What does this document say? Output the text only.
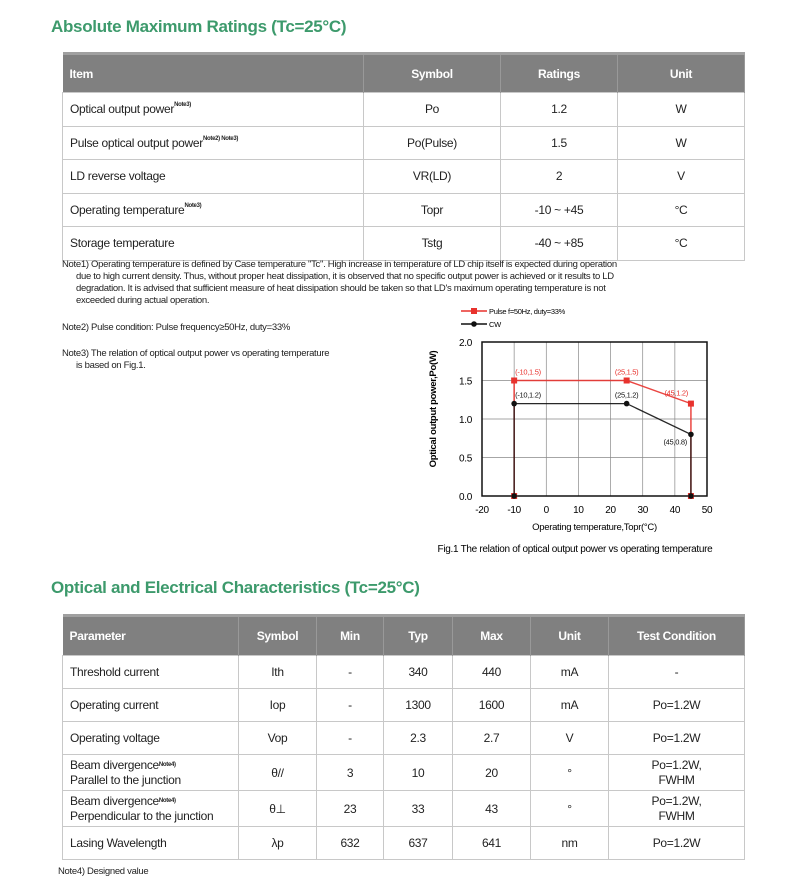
Absolute Maximum Ratings (Tc=25°C)
Item	Symbol	Ratings	Unit
Optical output power$^{Note3)}$	Po	1.2	W
Pulse optical output power$^{Note2) Note3)}$	Po(Pulse)	1.5	W
LD reverse voltage	VR(LD)	2	V
Operating temperature$^{Note3)}$	Topr	-10 ~ +45	°C
Storage temperature	Tstg	-40 ~ +85	°C
Note1) Operating temperature is defined by Case temperature "Tc". High increase in temperature of LD chip itself is expected during operation
due to high current density. Thus, without proper heat dissipation, it is observed that no specific output power is achieved or it results to LD
degradation. It is advised that sufficient measure of heat dissipation should be taken so that LD's maximum operating temperature is not
exceeded during actual operation.
Note2) Pulse condition: Pulse frequency≥50Hz, duty=33%
Note3) The relation of optical output power vs operating temperature
is based on Fig.1.
-20 -10 0 10 20 30 40 50
0.0
0.5
1.0
1.5
2.0
Operating temperature,Topr(°C)
Optical output power,Po(W)
Fig.1 The relation of optical output power vs operating temperature
(-10,1.5)	(25,1.5)
(45,1.2)
Pulse f=50Hz, duty=33%
(-10,1.2)	(25,1.2)
(45,0.8)
CW
Optical and Electrical Characteristics (Tc=25°C)
Parameter	Symbol	Min	Typ	Max	Unit	Test Condition
Threshold current	Ith	-	340	440	mA	-
Operating current	Iop	-	1300	1600	mA	Po=1.2W
Operating voltage	Vop	-	2.3	2.7	V	Po=1.2W
Beam divergence$^{Note4)}$
Parallel to the junction	θ//	3	10	20	°	Po=1.2W,
FWHM
Beam divergence$^{Note4)}$
Perpendicular to the junction	θ⊥	23	33	43	°	Po=1.2W,
FWHM
Lasing Wavelength	λp	632	637	641	nm	Po=1.2W
Note4) Designed value
